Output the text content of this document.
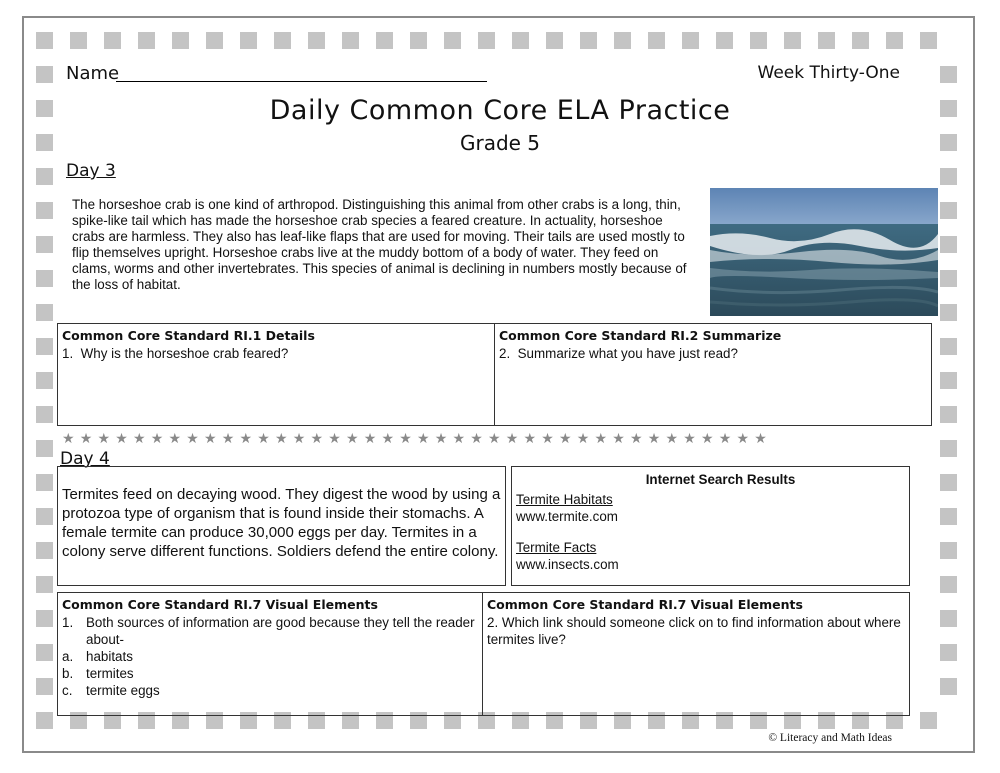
Name	Week Thirty-One
Daily Common Core ELA Practice
Grade 5
Day 3
The horseshoe crab is one kind of arthropod. Distinguishing this animal from other crabs is a long, thin, spike-like tail which has made the horseshoe crab species a feared creature. In actuality, horseshoe crabs are harmless. They also has leaf-like flaps that are used for moving. Their tails are used mostly to flip themselves upright. Horseshoe crabs live at the muddy bottom of a body of water. They feed on clams, worms and other invertebrates. This species of animal is declining in numbers mostly because of the loss of habitat.
Common Core Standard RI.1 Details
1. Why is the horseshoe crab feared?
Common Core Standard RI.2 Summarize
2. Summarize what you have just read?
★★★★★★★★★★★★★★★★★★★★★★★★★★★★★★★★★★★★★★★★
Day 4
Termites feed on decaying wood. They digest the wood by using a protozoa type of organism that is found inside their stomachs. A female termite can produce 30,000 eggs per day. Termites in a colony serve different functions. Soldiers defend the entire colony.
Internet Search Results
Termite Habitats
www.termite.com
Termite Facts
www.insects.com
Common Core Standard RI.7 Visual Elements
1. Both sources of information are good because they tell the reader about-
a. habitats
b. termites
c.	termite eggs
Common Core Standard RI.7 Visual Elements
2. Which link should someone click on to find information about where termites live?
© Literacy and Math Ideas
